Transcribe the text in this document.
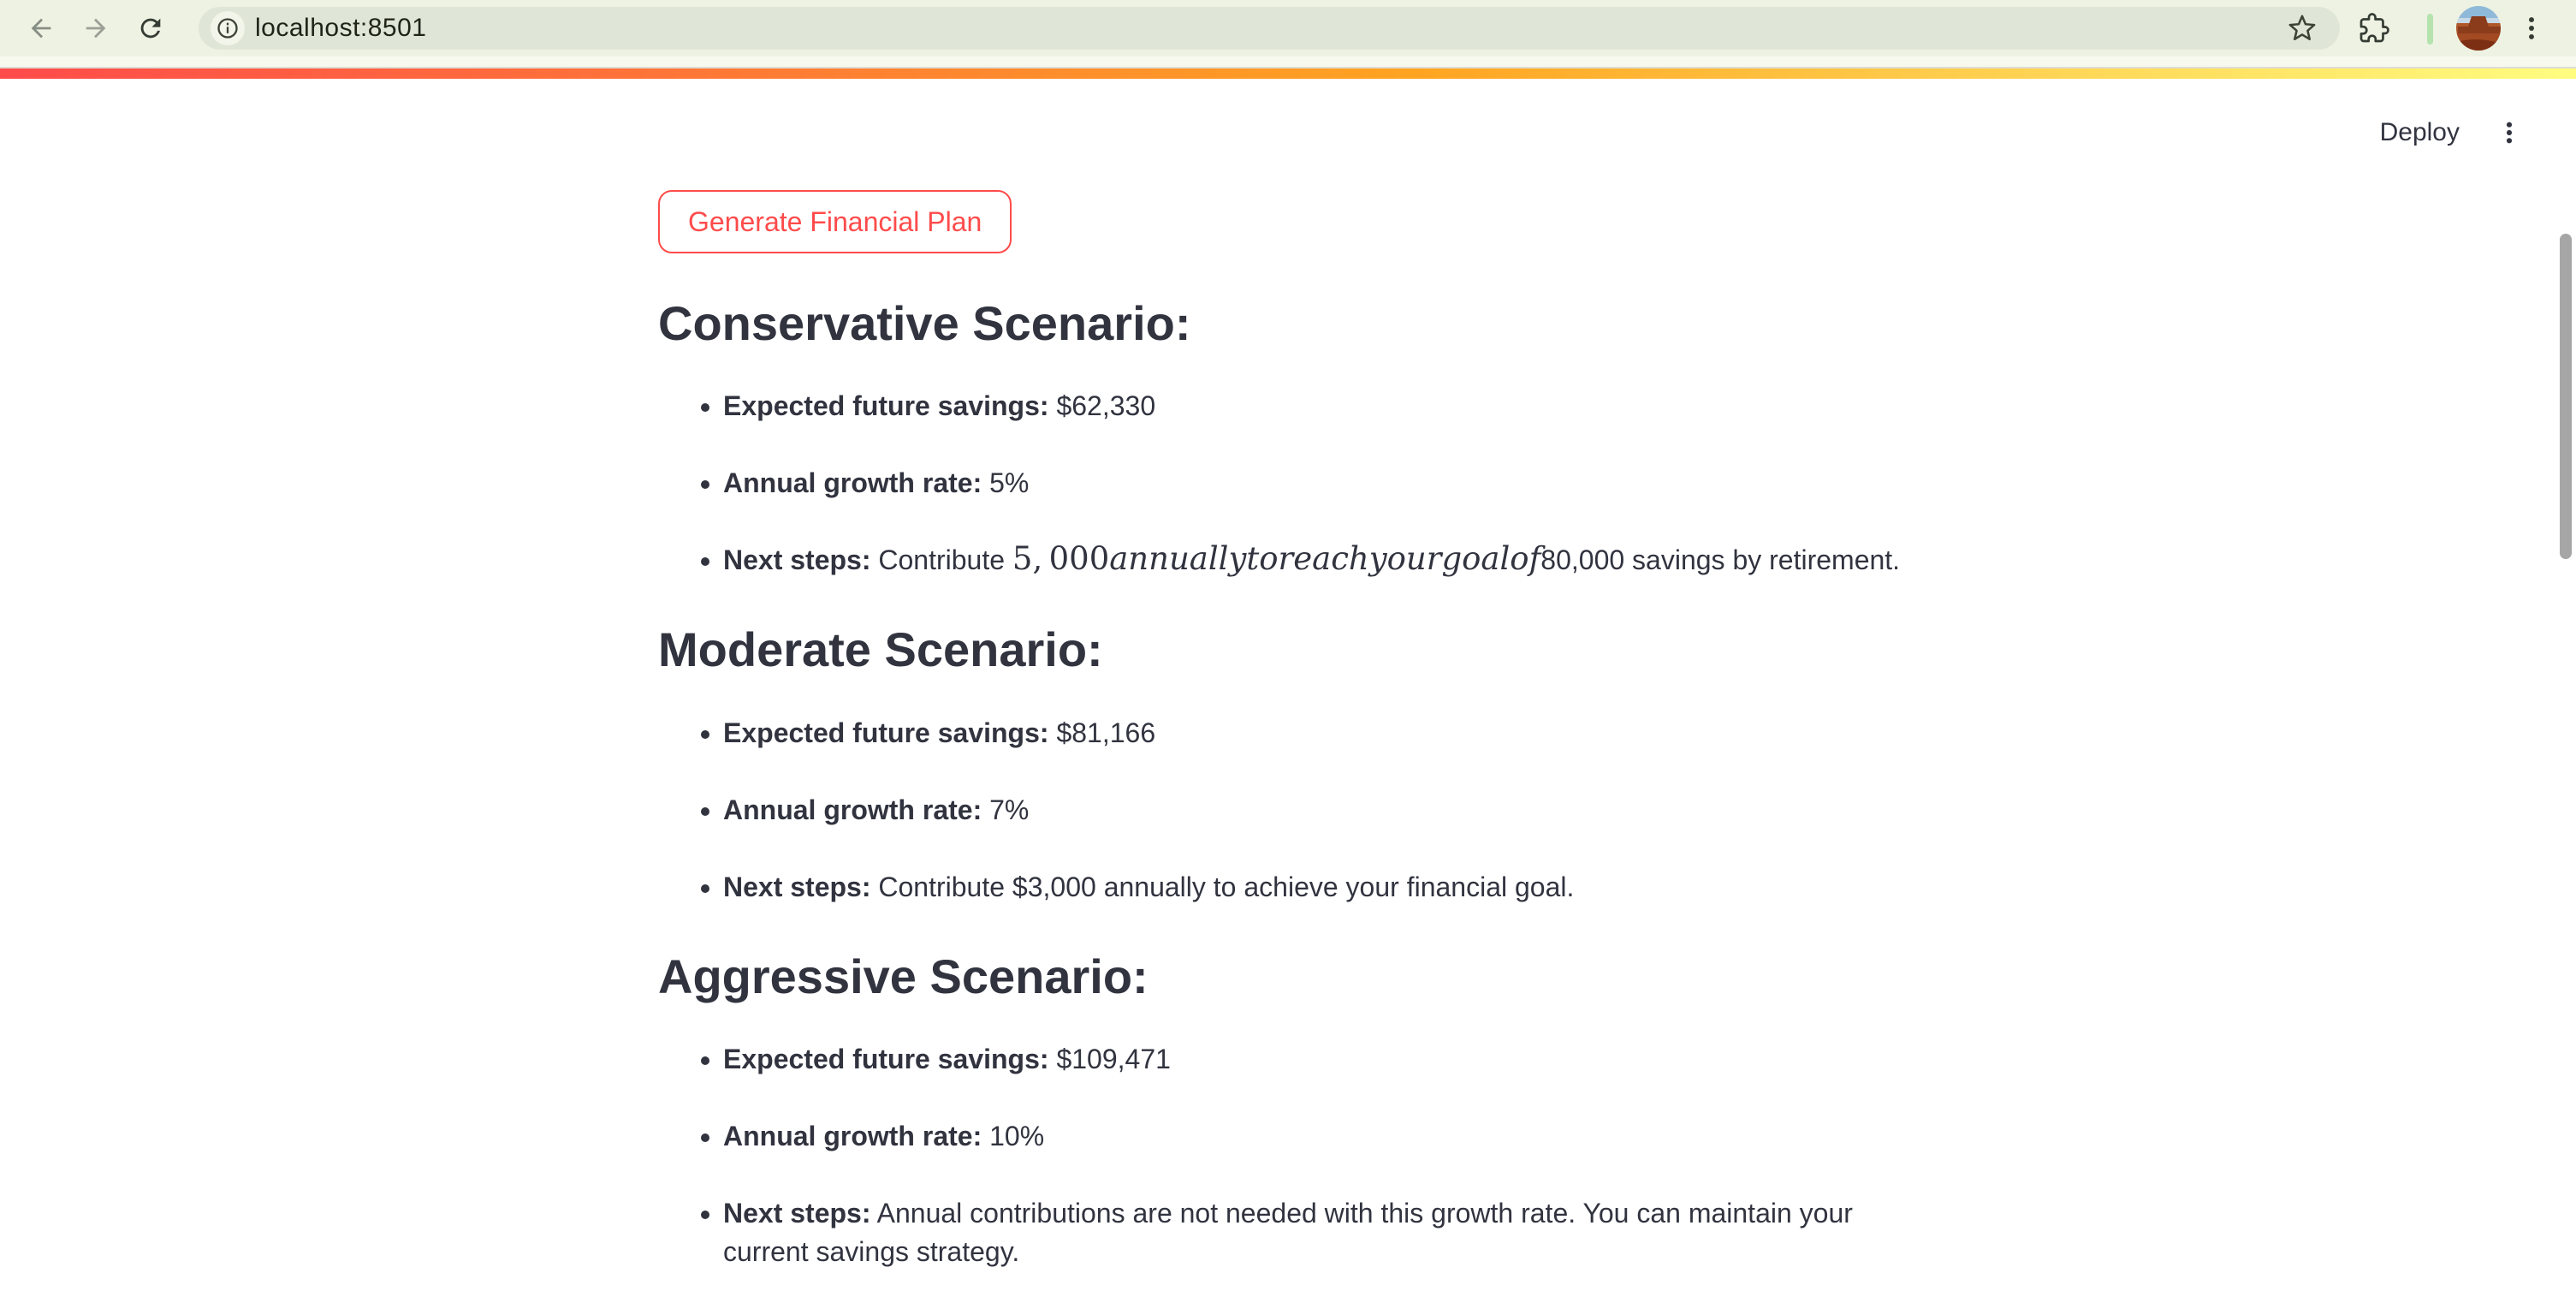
localhost:8501
Deploy
Generate Financial Plan
Conservative Scenario:
• Expected future savings: $62,330
• Annual growth rate: 5%
• Next steps: Contribute 5, 000annuallytoreachyourgoalof80,000 savings by retirement.
Moderate Scenario:
• Expected future savings: $81,166
• Annual growth rate: 7%
• Next steps: Contribute $3,000 annually to achieve your financial goal.
Aggressive Scenario:
• Expected future savings: $109,471
• Annual growth rate: 10%
• Next steps: Annual contributions are not needed with this growth rate. You can maintain your current savings strategy.
